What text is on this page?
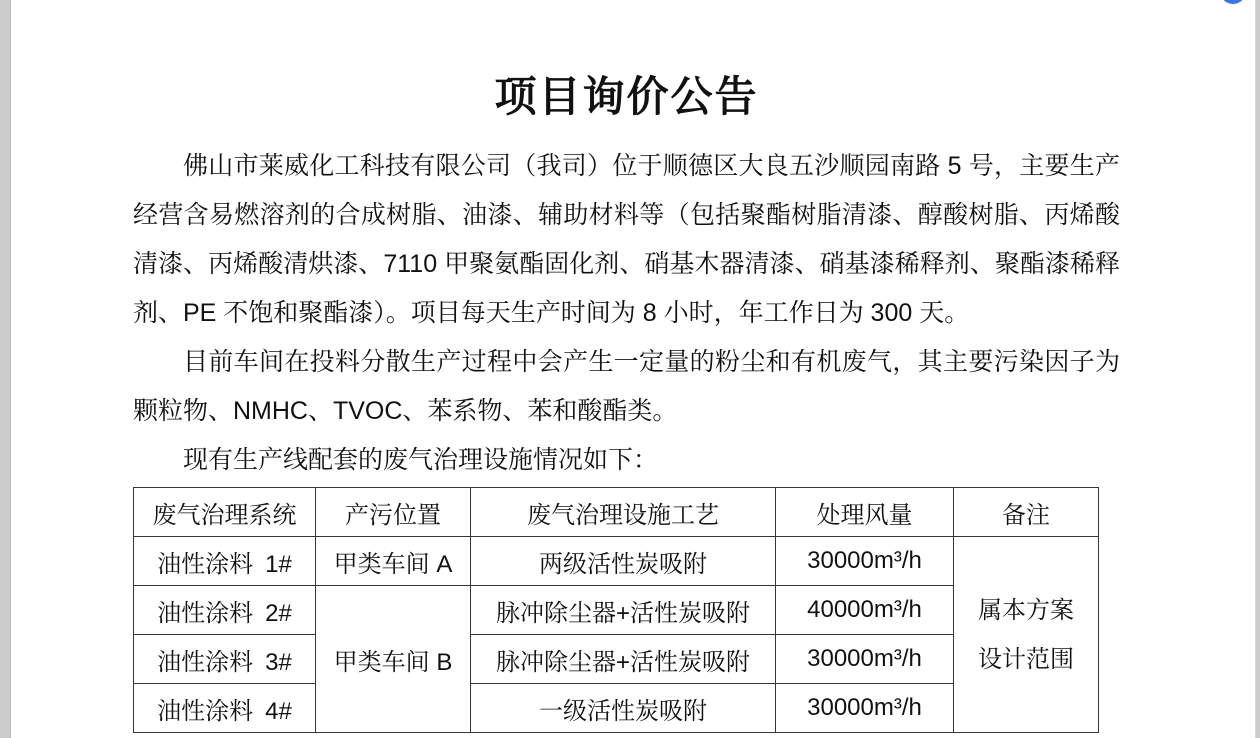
项目询价公告

佛山市莱威化工科技有限公司（我司）位于顺德区大良五沙顺园南路 5 号，主要生产经营含易燃溶剂的合成树脂、油漆、辅助材料等（包括聚酯树脂清漆、醇酸树脂、丙烯酸清漆、丙烯酸清烘漆、7110 甲聚氨酯固化剂、硝基木器清漆、硝基漆稀释剂、聚酯漆稀释剂、PE 不饱和聚酯漆）。项目每天生产时间为 8 小时，年工作日为 300 天。

目前车间在投料分散生产过程中会产生一定量的粉尘和有机废气，其主要污染因子为颗粒物、NMHC、TVOC、苯系物、苯和酸酯类。

现有生产线配套的废气治理设施情况如下：

废气治理系统	产污位置	废气治理设施工艺	处理风量	备注
油性涂料 1#	甲类车间 A	两级活性炭吸附	30000m³/h	属本方案
设计范围

油性涂料 2#	甲类车间 B	脉冲除尘器+活性炭吸附	40000m³/h	
油性涂料 3#		脉冲除尘器+活性炭吸附	30000m³/h	
油性涂料 4#		一级活性炭吸附	30000m³/h	
